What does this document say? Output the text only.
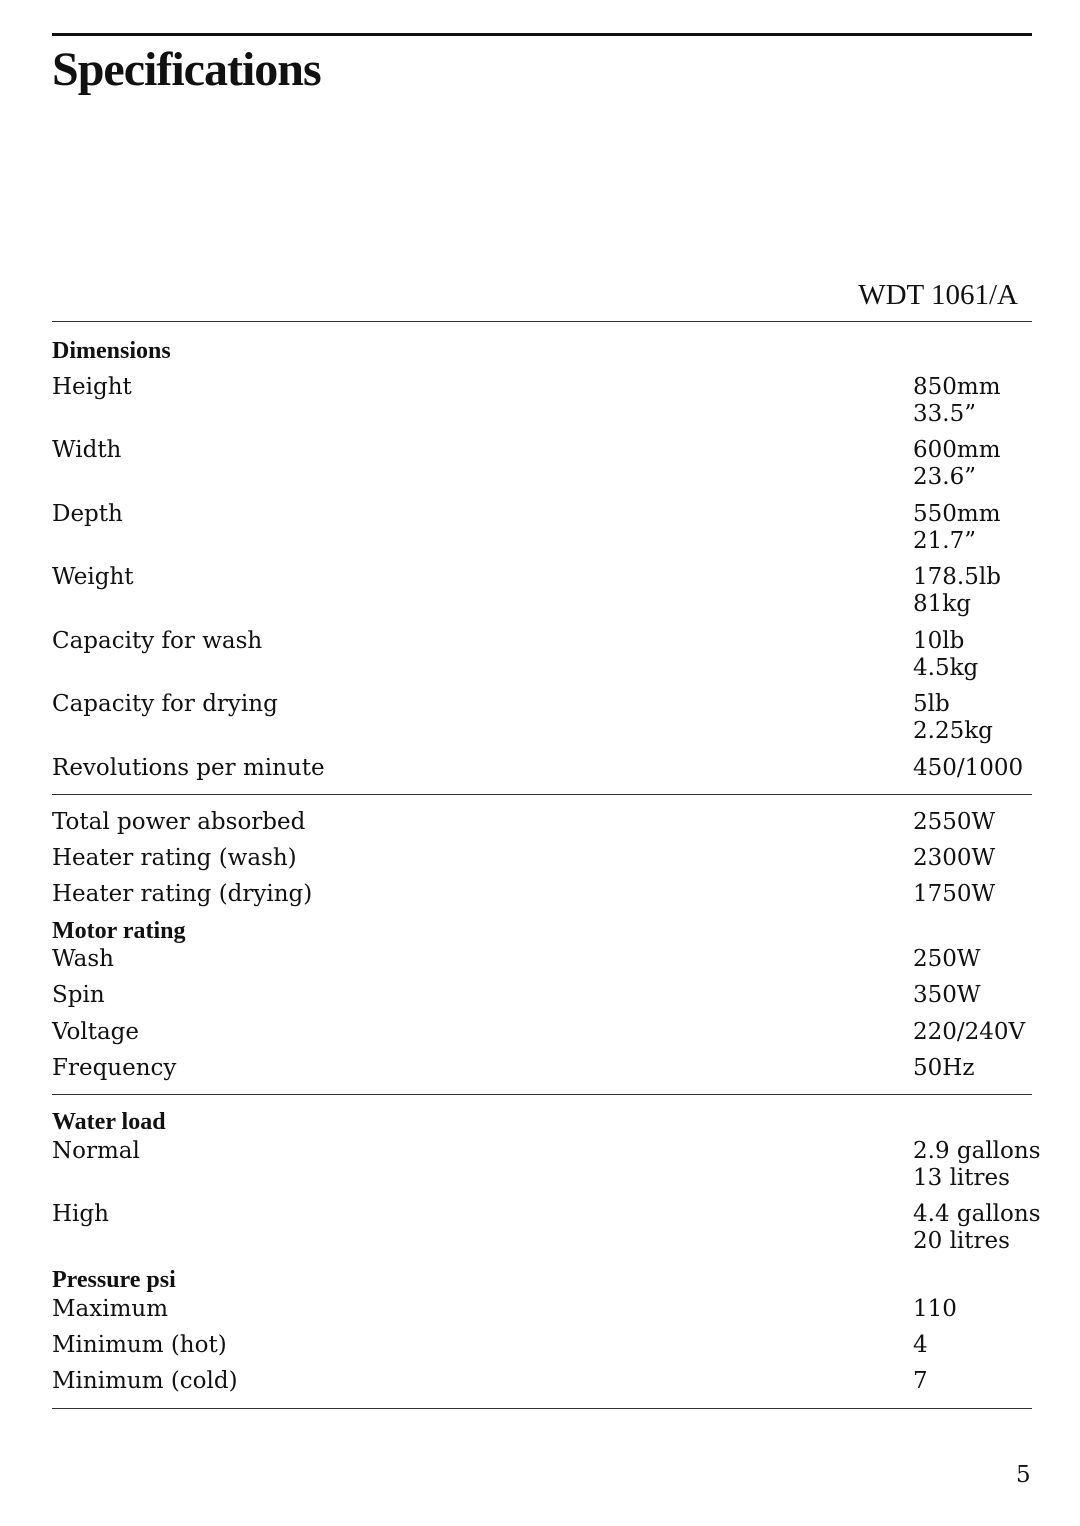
Specifications
WDT 1061/A
Dimensions
Height	850mm
33.5”
Width	600mm
23.6”
Depth	550mm
21.7”
Weight	178.5lb
81kg
Capacity for wash	10lb
4.5kg
Capacity for drying	5lb
2.25kg
Revolutions per minute	450/1000
Total power absorbed	2550W
Heater rating (wash)	2300W
Heater rating (drying)	1750W
Motor rating
Wash	250W
Spin	350W
Voltage	220/240V
Frequency	50Hz
Water load
Normal	2.9 gallons
13 litres
High	4.4 gallons
20 litres
Pressure psi
Maximum	110
Minimum (hot)	4
Minimum (cold)	7
5
